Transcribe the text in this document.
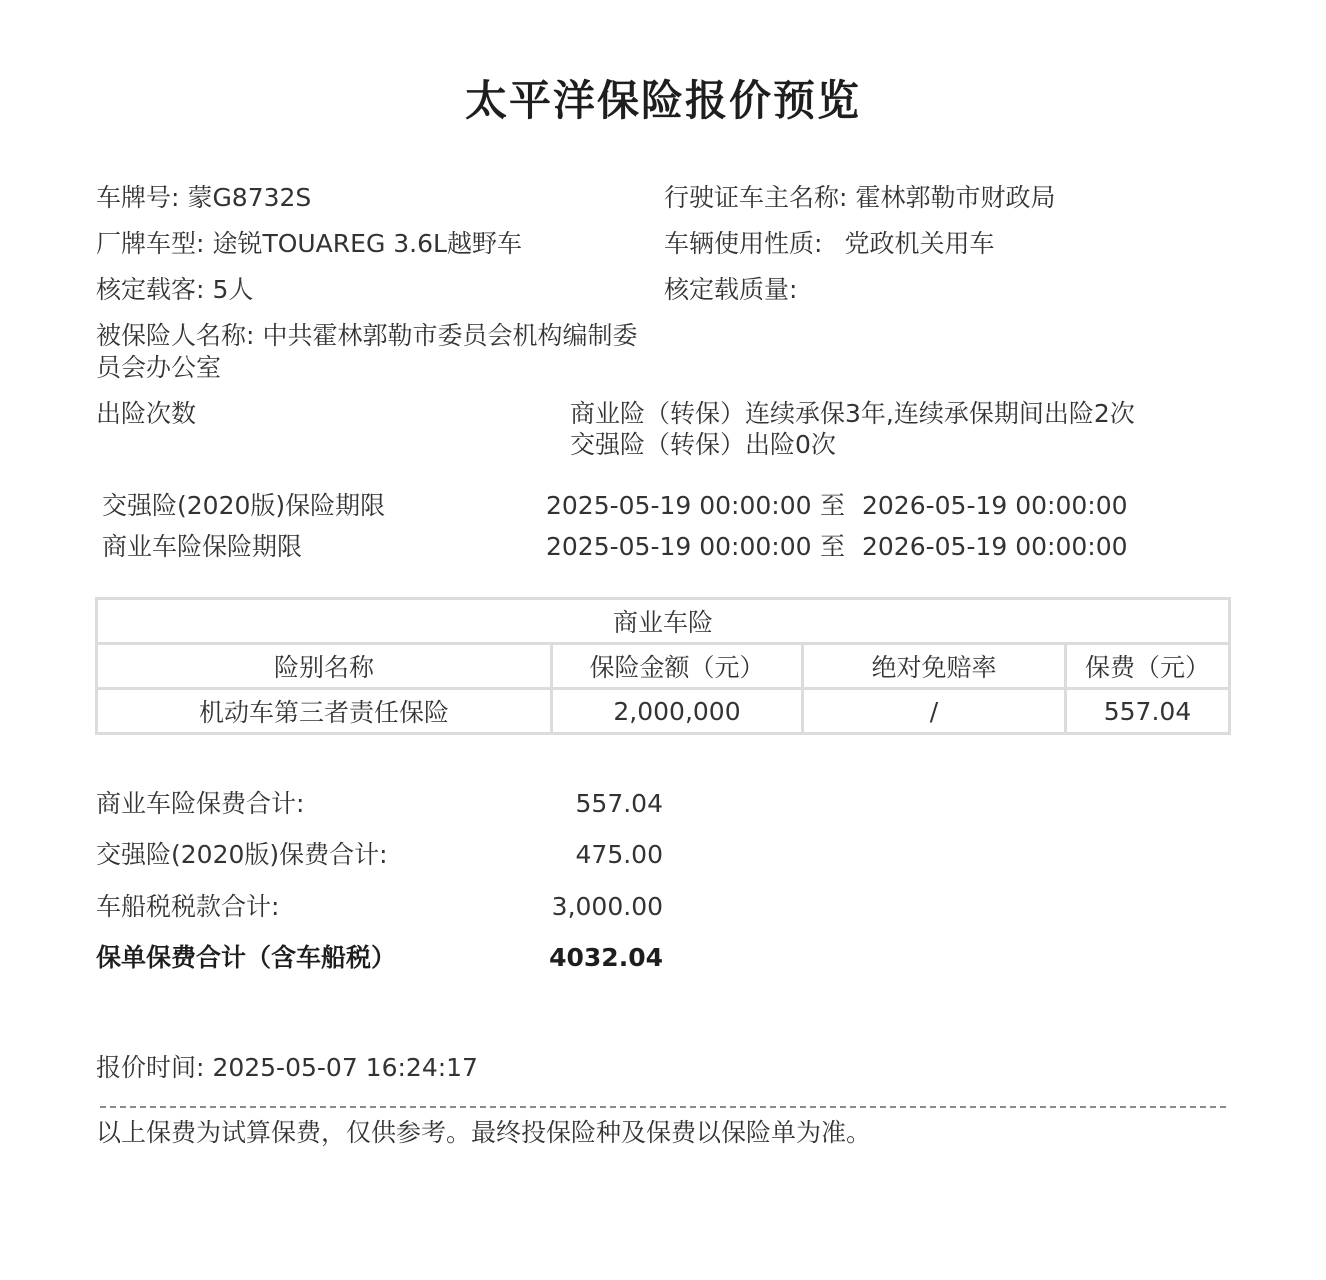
太平洋保险报价预览
车牌号: 蒙G8732S	行驶证车主名称: 霍林郭勒市财政局
厂牌车型: 途锐TOUAREG 3.6L越野车	车辆使用性质: 党政机关用车
核定载客: 5人	核定载质量:
被保险人名称: 中共霍林郭勒市委员会机构编制委员会办公室
出险次数	商业险（转保）连续承保3年,连续承保期间出险2次
交强险（转保）出险0次
交强险(2020版)保险期限	2025-05-19 00:00:00 至 2026-05-19 00:00:00
商业车险保险期限	2025-05-19 00:00:00 至 2026-05-19 00:00:00
商业车险			
险别名称	保险金额（元）	绝对免赔率	保费（元）
机动车第三者责任保险	2,000,000	/	557.04
商业车险保费合计:	557.04
交强险(2020版)保费合计:	475.00
车船税税款合计:	3,000.00
保单保费合计（含车船税）	4032.04
报价时间: 2025-05-07 16:24:17
以上保费为试算保费，仅供参考。最终投保险种及保费以保险单为准。
